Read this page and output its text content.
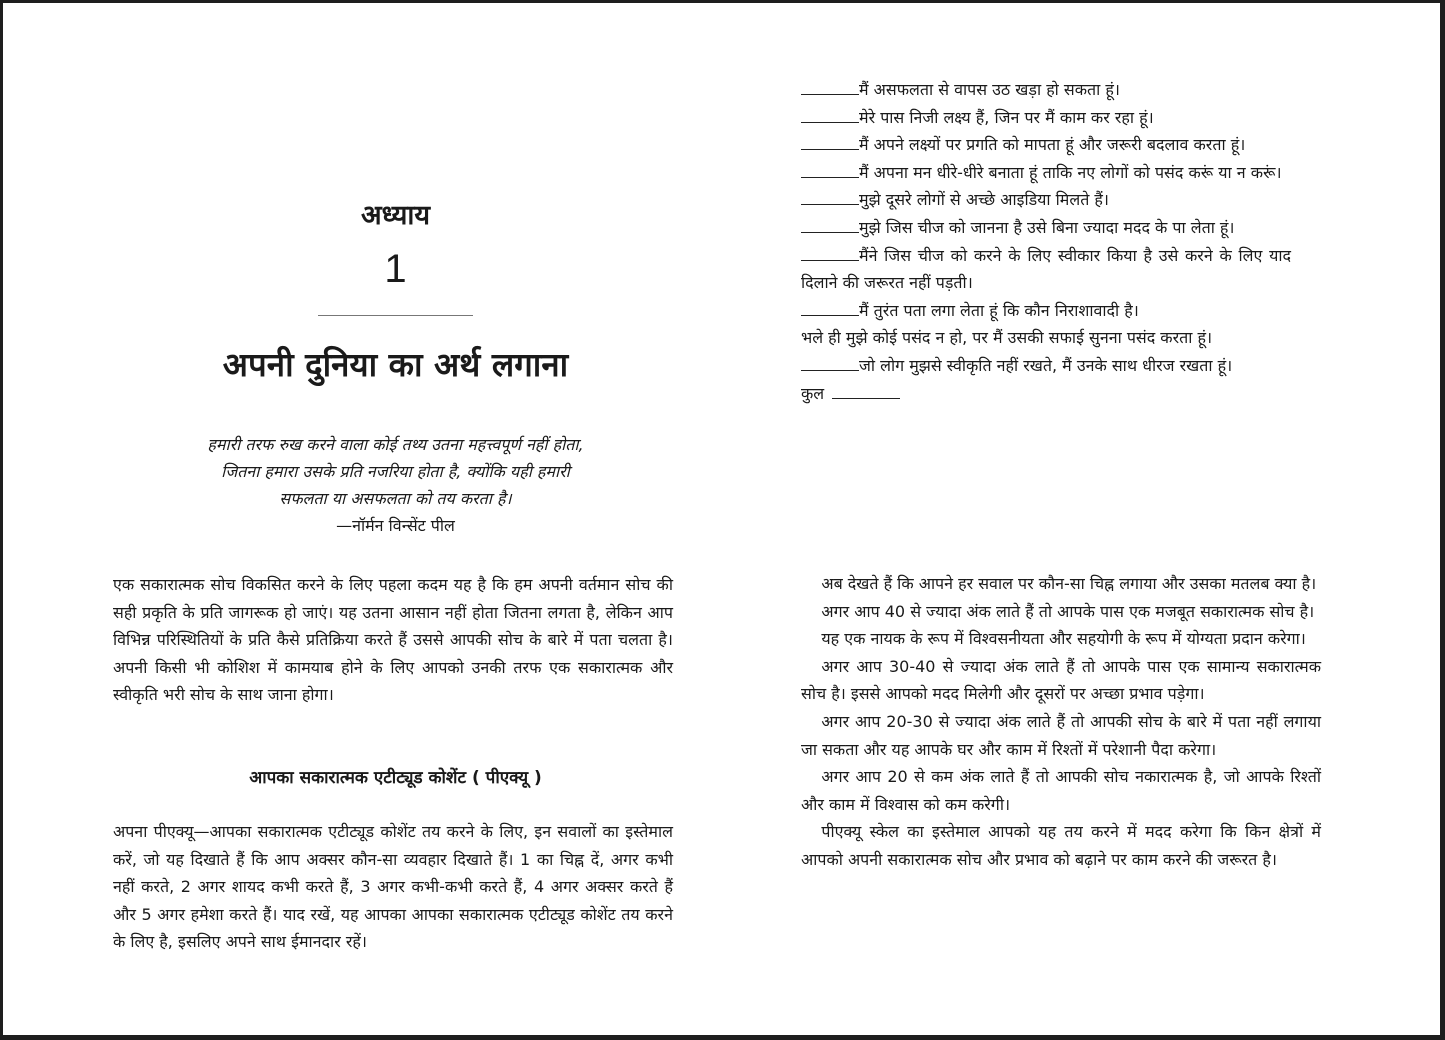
अध्याय
1
अपनी दुनिया का अर्थ लगाना
हमारी तरफ रुख करने वाला कोई तथ्य उतना महत्त्वपूर्ण नहीं होता,
जितना हमारा उसके प्रति नजरिया होता है, क्योंकि यही हमारी
सफलता या असफलता को तय करता है।
—नॉर्मन विन्सेंट पील
एक सकारात्मक सोच विकसित करने के लिए पहला कदम यह है कि हम अपनी वर्तमान सोच की सही प्रकृति के प्रति जागरूक हो जाएं। यह उतना आसान नहीं होता जितना लगता है, लेकिन आप विभिन्न परिस्थितियों के प्रति कैसे प्रतिक्रिया करते हैं उससे आपकी सोच के बारे में पता चलता है। अपनी किसी भी कोशिश में कामयाब होने के लिए आपको उनकी तरफ एक सकारात्मक और स्वीकृति भरी सोच के साथ जाना होगा।
आपका सकारात्मक एटीट्यूड कोशेंट ( पीएक्यू )
अपना पीएक्यू—आपका सकारात्मक एटीट्यूड कोशेंट तय करने के लिए, इन सवालों का इस्तेमाल करें, जो यह दिखाते हैं कि आप अक्सर कौन-सा व्यवहार दिखाते हैं। 1 का चिह्न दें, अगर कभी नहीं करते, 2 अगर शायद कभी करते हैं, 3 अगर कभी-कभी करते हैं, 4 अगर अक्सर करते हैं और 5 अगर हमेशा करते हैं। याद रखें, यह आपका आपका सकारात्मक एटीट्यूड कोशेंट तय करने के लिए है, इसलिए अपने साथ ईमानदार रहें।
मैं असफलता से वापस उठ खड़ा हो सकता हूं।
मेरे पास निजी लक्ष्य हैं, जिन पर मैं काम कर रहा हूं।
मैं अपने लक्ष्यों पर प्रगति को मापता हूं और जरूरी बदलाव करता हूं।
मैं अपना मन धीरे-धीरे बनाता हूं ताकि नए लोगों को पसंद करूं या न करूं।
मुझे दूसरे लोगों से अच्छे आइडिया मिलते हैं।
मुझे जिस चीज को जानना है उसे बिना ज्यादा मदद के पा लेता हूं।
मैंने जिस चीज को करने के लिए स्वीकार किया है उसे करने के लिए याद दिलाने की जरूरत नहीं पड़ती।
मैं तुरंत पता लगा लेता हूं कि कौन निराशावादी है।
भले ही मुझे कोई पसंद न हो, पर मैं उसकी सफाई सुनना पसंद करता हूं।
जो लोग मुझसे स्वीकृति नहीं रखते, मैं उनके साथ धीरज रखता हूं।
कुल

अब देखते हैं कि आपने हर सवाल पर कौन-सा चिह्न लगाया और उसका मतलब क्या है।

अगर आप 40 से ज्यादा अंक लाते हैं तो आपके पास एक मजबूत सकारात्मक सोच है।

यह एक नायक के रूप में विश्वसनीयता और सहयोगी के रूप में योग्यता प्रदान करेगा।

अगर आप 30-40 से ज्यादा अंक लाते हैं तो आपके पास एक सामान्य सकारात्मक सोच है। इससे आपको मदद मिलेगी और दूसरों पर अच्छा प्रभाव पड़ेगा।

अगर आप 20-30 से ज्यादा अंक लाते हैं तो आपकी सोच के बारे में पता नहीं लगाया जा सकता और यह आपके घर और काम में रिश्तों में परेशानी पैदा करेगा।

अगर आप 20 से कम अंक लाते हैं तो आपकी सोच नकारात्मक है, जो आपके रिश्तों और काम में विश्वास को कम करेगी।

पीएक्यू स्केल का इस्तेमाल आपको यह तय करने में मदद करेगा कि किन क्षेत्रों में आपको अपनी सकारात्मक सोच और प्रभाव को बढ़ाने पर काम करने की जरूरत है।
